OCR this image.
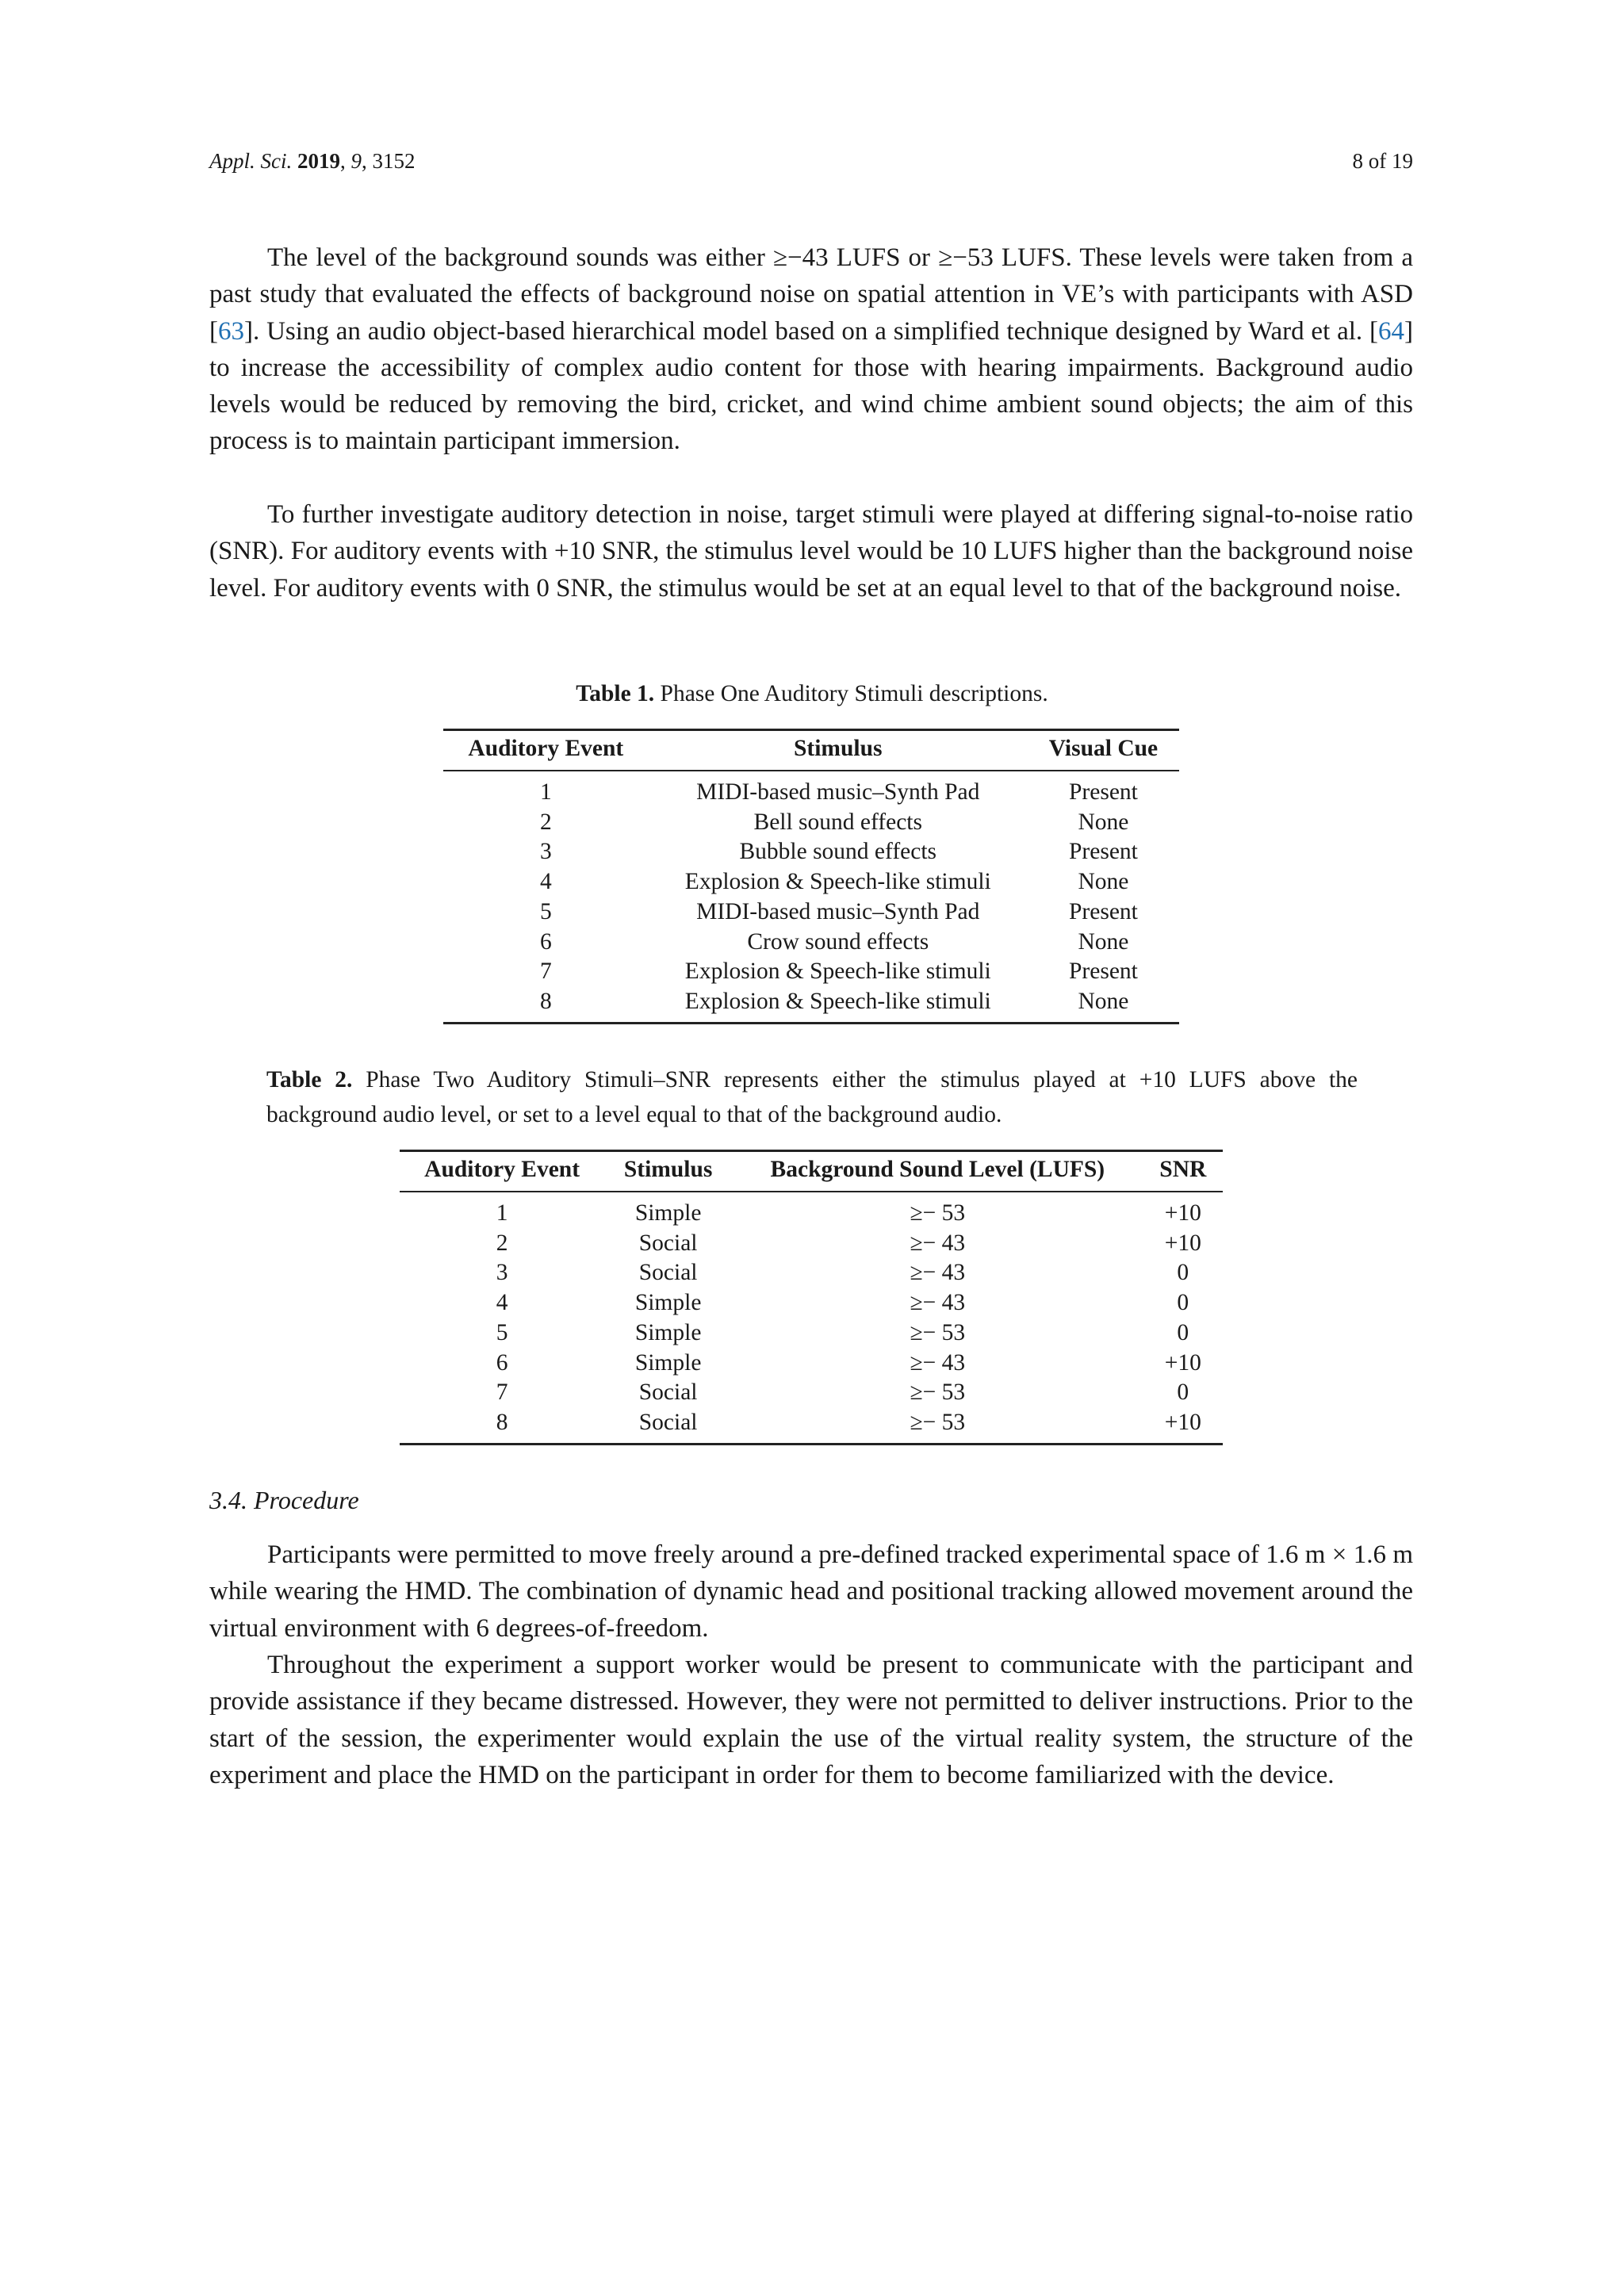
Appl. Sci. 2019, 9, 3152	8 of 19

The level of the background sounds was either ≥−43 LUFS or ≥−53 LUFS. These levels were taken from a past study that evaluated the effects of background noise on spatial attention in VE’s with participants with ASD [63]. Using an audio object-based hierarchical model based on a simplified technique designed by Ward et al. [64] to increase the accessibility of complex audio content for those with hearing impairments. Background audio levels would be reduced by removing the bird, cricket, and wind chime ambient sound objects; the aim of this process is to maintain participant immersion.

To further investigate auditory detection in noise, target stimuli were played at differing signal-to-noise ratio (SNR). For auditory events with +10 SNR, the stimulus level would be 10 LUFS higher than the background noise level. For auditory events with 0 SNR, the stimulus would be set at an equal level to that of the background noise.

Table 1. Phase One Auditory Stimuli descriptions.
Auditory Event	Stimulus	Visual Cue
1	MIDI-based music–Synth Pad	Present
2	Bell sound effects	None
3	Bubble sound effects	Present
4	Explosion & Speech-like stimuli	None
5	MIDI-based music–Synth Pad	Present
6	Crow sound effects	None
7	Explosion & Speech-like stimuli	Present
8	Explosion & Speech-like stimuli	None
Table 2. Phase Two Auditory Stimuli–SNR represents either the stimulus played at +10 LUFS above the background audio level, or set to a level equal to that of the background audio.
Auditory Event	Stimulus	Background Sound Level (LUFS)	SNR
1	Simple	≥− 53	+10
2	Social	≥− 43	+10
3	Social	≥− 43	0
4	Simple	≥− 43	0
5	Simple	≥− 53	0
6	Simple	≥− 43	+10
7	Social	≥− 53	0
8	Social	≥− 53	+10
3.4. Procedure

Participants were permitted to move freely around a pre-defined tracked experimental space of 1.6 m × 1.6 m while wearing the HMD. The combination of dynamic head and positional tracking allowed movement around the virtual environment with 6 degrees-of-freedom.

Throughout the experiment a support worker would be present to communicate with the participant and provide assistance if they became distressed. However, they were not permitted to deliver instructions. Prior to the start of the session, the experimenter would explain the use of the virtual reality system, the structure of the experiment and place the HMD on the participant in order for them to become familiarized with the device.
